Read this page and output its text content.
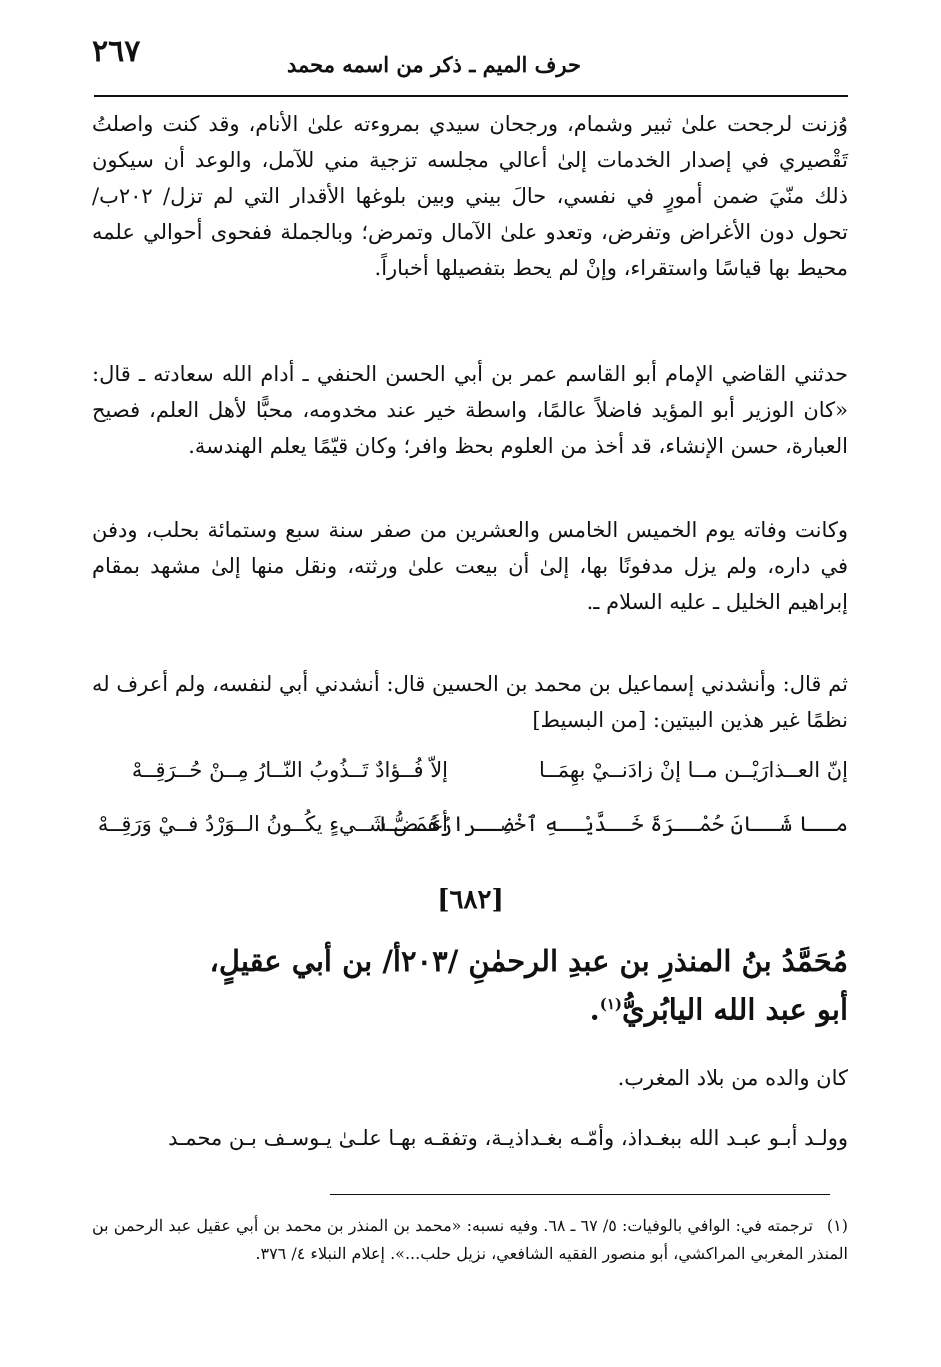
٢٦٧	حرف الميم ـ ذكر من اسمه محمد

وُزنت لرجحت علىٰ ثبير وشمام، ورجحان سيدي بمروءته علىٰ الأنام، وقد كنت واصلتُ تَقْصيري في إصدار الخدمات إلىٰ أعالي مجلسه تزجية مني للآمل، والوعد أن سيكون ذلك منّيَ ضمن أمورٍ في نفسي، حالَ بيني وبين بلوغها الأقدار التي لم تزل/ ٢٠٢ب/ تحول دون الأغراض وتفرض، وتعدو علىٰ الآمال وتمرض؛ وبالجملة ففحوى أحوالي علمه محيط بها قياسًا واستقراء، وإنْ لم يحط بتفصيلها أخباراً.

حدثني القاضي الإمام أبو القاسم عمر بن أبي الحسن الحنفي ـ أدام الله سعادته ـ قال: «كان الوزير أبو المؤيد فاضلاً عالمًا، واسطة خير عند مخدومه، محبًّا لأهل العلم، فصيح العبارة، حسن الإنشاء، قد أخذ من العلوم بحظ وافر؛ وكان قيّمًا يعلم الهندسة.

وكانت وفاته يوم الخميس الخامس والعشرين من صفر سنة سبع وستمائة بحلب، ودفن في داره، ولم يزل مدفونًا بها، إلىٰ أن بيعت علىٰ ورثته، ونقل منها إلىٰ مشهد بمقام إبراهيم الخليل ـ عليه السلام ـ.

ثم قال: وأنشدني إسماعيل بن محمد بن الحسين قال: أنشدني أبي لنفسه، ولم أعرف له نظمًا غير هذين البيتين: [من البسيط]

إنّ العــذارَيْــن مــا إنْ زادَنــيْ بهِمَــا
إلاّ فُــؤادٌ تَــذُوبُ النّــارُ مِــنْ حُــرَقِــهْ
مــا شَــانَ حُمْــرَةَ خَــدَّيْــهِ ٱخْضِــرارُهُمَــا
أغَــضُّ شَــيءٍ يكُــونُ الــوَرْدُ فــيْ وَرَقِــهْ
[٦٨٢]

مُحَمَّدُ بنُ المنذرِ بن عبدِ الرحمٰنِ /٢٠٣أ/ بن أبي عقيلٍ،

أبو عبد الله اليابُريُّ$^{(١)}$.

كان والده من بلاد المغرب.

وولـد أبـو عبـد الله ببغـداذ، وأمّـه بغـداذيـة، وتفقـه بهـا علـىٰ يـوسـف بـن محمـد

(١)ترجمته في: الوافي بالوفيات: ٥/ ٦٧ ـ ٦٨. وفيه نسبه: «محمد بن المنذر بن محمد بن أبي عقيل عبد الرحمن بن المنذر المغربي المراكشي، أبو منصور الفقيه الشافعي، نزيل حلب...». إعلام النبلاء ٤/ ٣٧٦.
